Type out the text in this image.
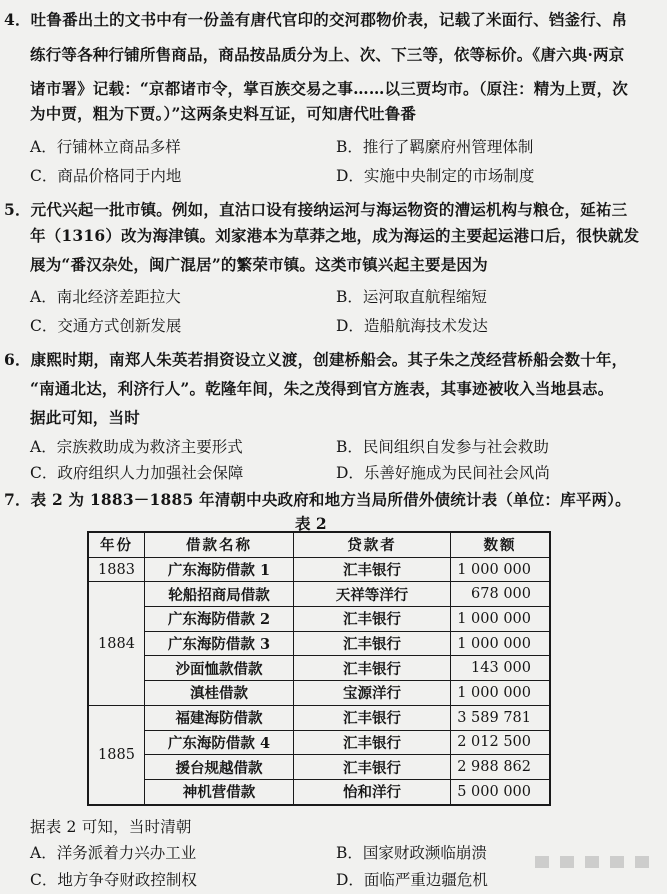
4．吐鲁番出土的文书中有一份盖有唐代官印的交河郡物价表，记载了米面行、铛釜行、帛
练行等各种行铺所售商品，商品按品质分为上、次、下三等，依等标价。《唐六典·两京
诸市署》记载：“京都诸市令，掌百族交易之事……以三贾均市。（原注：精为上贾，次
为中贾，粗为下贾。）”这两条史料互证，可知唐代吐鲁番
A．行铺林立商品多样	B．推行了羁縻府州管理体制
C．商品价格同于内地	D．实施中央制定的市场制度
5．元代兴起一批市镇。例如，直沽口设有接纳运河与海运物资的漕运机构与粮仓，延祐三
年（1316）改为海津镇。刘家港本为草莽之地，成为海运的主要起运港口后，很快就发
展为“番汉杂处，闽广混居”的繁荣市镇。这类市镇兴起主要是因为
A．南北经济差距拉大	B．运河取直航程缩短
C．交通方式创新发展	D．造船航海技术发达
6．康熙时期，南郑人朱英若捐资设立义渡，创建桥船会。其子朱之茂经营桥船会数十年，
“南通北达，利济行人”。乾隆年间，朱之茂得到官方旌表，其事迹被收入当地县志。
据此可知，当时
A．宗族救助成为救济主要形式	B．民间组织自发参与社会救助
C．政府组织人力加强社会保障	D．乐善好施成为民间社会风尚
7．表 2 为 1883－1885 年清朝中央政府和地方当局所借外债统计表（单位：库平两）。
表 2
年份	借款名称	贷款者	数额
1883	广东海防借款 1	汇丰银行	1 000 000
1884	轮船招商局借款	天祥等洋行	678 000
	广东海防借款 2	汇丰银行	1 000 000
	广东海防借款 3	汇丰银行	1 000 000
	沙面恤款借款	汇丰银行	143 000
	滇桂借款	宝源洋行	1 000 000
1885	福建海防借款	汇丰银行	3 589 781
	广东海防借款 4	汇丰银行	2 012 500
	援台规越借款	汇丰银行	2 988 862
	神机营借款	怡和洋行	5 000 000
据表 2 可知，当时清朝
A．洋务派着力兴办工业	B．国家财政濒临崩溃
C．地方争夺财政控制权	D．面临严重边疆危机
